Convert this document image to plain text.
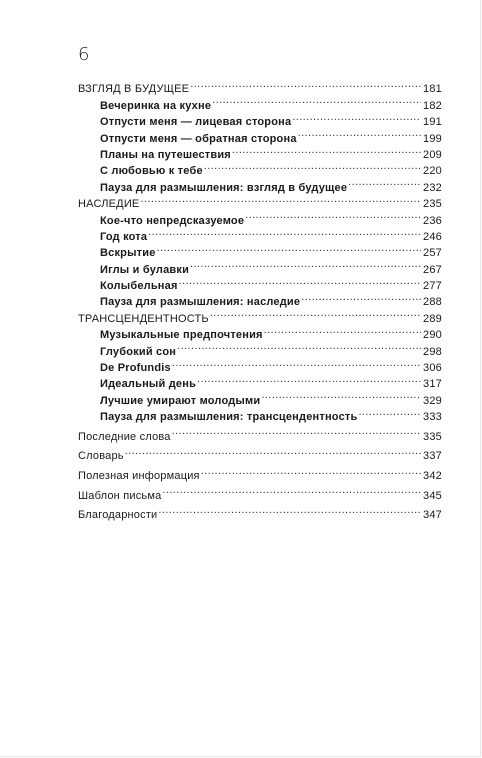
6
ВЗГЛЯД В БУДУЩЕЕ .....	181
Вечеринка на кухне .....	182
Отпусти меня — лицевая сторона .....	191
Отпусти меня — обратная сторона .....	199
Планы на путешествия .....	209
С любовью к тебе .....	220
Пауза для размышления: взгляд в будущее .....	232
НАСЛЕДИЕ .....	235
Кое-что непредсказуемое .....	236
Год кота .....	246
Вскрытие .....	257
Иглы и булавки .....	267
Колыбельная .....	277
Пауза для размышления: наследие .....	288
ТРАНСЦЕНДЕНТНОСТЬ .....	289
Музыкальные предпочтения .....	290
Глубокий сон .....	298
De Profundis .....	306
Идеальный день .....	317
Лучшие умирают молодыми .....	329
Пауза для размышления: трансцендентность .....	333
Последние слова .....	335
Словарь .....	337
Полезная информация .....	342
Шаблон письма .....	345
Благодарности .....	347
